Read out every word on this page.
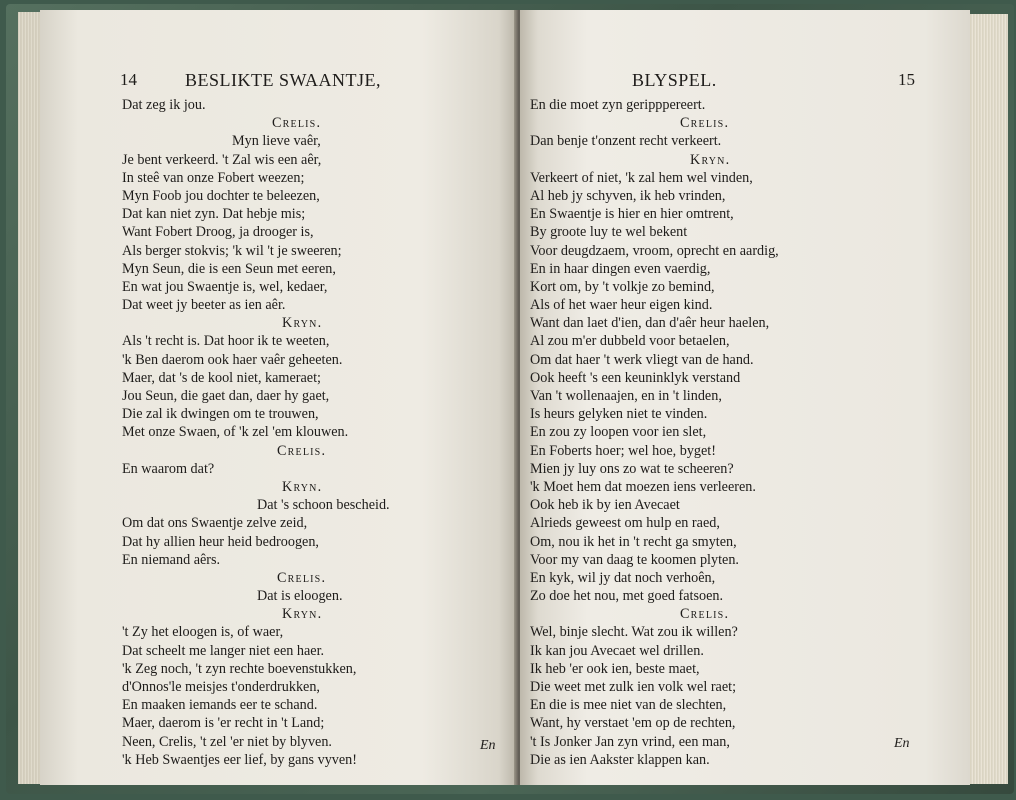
14	BESLIKTE SWAANTJE,
Dat zeg ik jou.
Crelis.
Myn lieve vaêr,
Je bent verkeerd. 't Zal wis een aêr,
In steê van onze Fobert weezen;
Myn Foob jou dochter te beleezen,
Dat kan niet zyn. Dat hebje mis;
Want Fobert Droog, ja drooger is,
Als berger stokvis; 'k wil 't je sweeren;
Myn Seun, die is een Seun met eeren,
En wat jou Swaentje is, wel, kedaer,
Dat weet jy beeter as ien aêr.
Kryn.
Als 't recht is. Dat hoor ik te weeten,
'k Ben daerom ook haer vaêr geheeten.
Maer, dat 's de kool niet, kameraet;
Jou Seun, die gaet dan, daer hy gaet,
Die zal ik dwingen om te trouwen,
Met onze Swaen, of 'k zel 'em klouwen.
Crelis.
En waarom dat?
Kryn.
Dat 's schoon bescheid.
Om dat ons Swaentje zelve zeid,
Dat hy allien heur heid bedroogen,
En niemand aêrs.
Crelis.
Dat is eloogen.
Kryn.
't Zy het eloogen is, of waer,
Dat scheelt me langer niet een haer.
'k Zeg noch, 't zyn rechte boevenstukken,
d'Onnos'le meisjes t'onderdrukken,
En maaken iemands eer te schand.
Maer, daerom is 'er recht in 't Land;
Neen, Crelis, 't zel 'er niet by blyven.
'k Heb Swaentjes eer lief, by gans vyven!
En
BLYSPEL.	15
En die moet zyn geripppereert.
Crelis.
Dan benje t'onzent recht verkeert.
Kryn.
Verkeert of niet, 'k zal hem wel vinden,
Al heb jy schyven, ik heb vrinden,
En Swaentje is hier en hier omtrent,
By groote luy te wel bekent
Voor deugdzaem, vroom, oprecht en aardig,
En in haar dingen even vaerdig,
Kort om, by 't volkje zo bemind,
Als of het waer heur eigen kind.
Want dan laet d'ien, dan d'aêr heur haelen,
Al zou m'er dubbeld voor betaelen,
Om dat haer 't werk vliegt van de hand.
Ook heeft 's een keuninklyk verstand
Van 't wollenaajen, en in 't linden,
Is heurs gelyken niet te vinden.
En zou zy loopen voor ien slet,
En Foberts hoer; wel hoe, byget!
Mien jy luy ons zo wat te scheeren?
'k Moet hem dat moezen iens verleeren.
Ook heb ik by ien Avecaet
Alrieds geweest om hulp en raed,
Om, nou ik het in 't recht ga smyten,
Voor my van daag te koomen plyten.
En kyk, wil jy dat noch verhoên,
Zo doe het nou, met goed fatsoen.
Crelis.
Wel, binje slecht. Wat zou ik willen?
Ik kan jou Avecaet wel drillen.
Ik heb 'er ook ien, beste maet,
Die weet met zulk ien volk wel raet;
En die is mee niet van de slechten,
Want, hy verstaet 'em op de rechten,
't Is Jonker Jan zyn vrind, een man,
Die as ien Aakster klappen kan.
En
